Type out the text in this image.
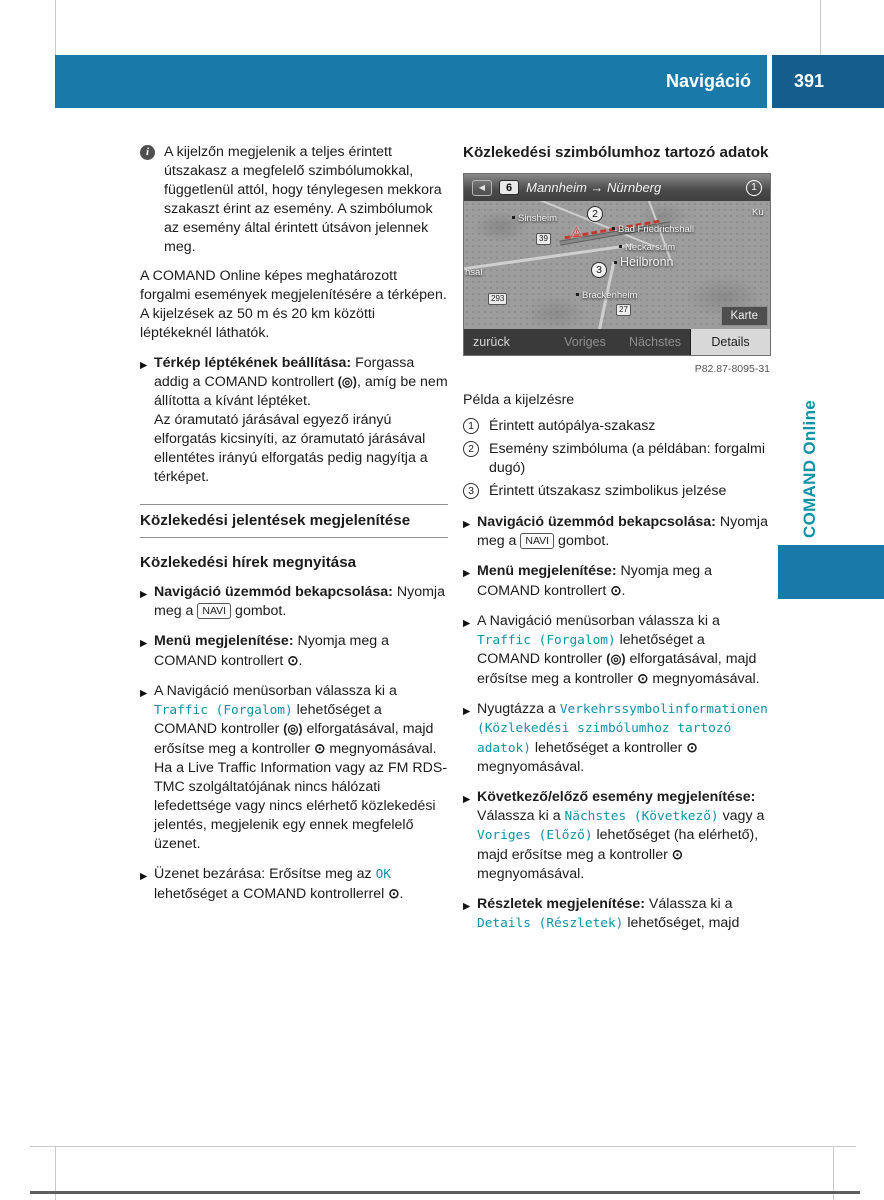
Navigáció 391
COMAND Online
i	A kijelzőn megjelenik a teljes érintett útszakasz a megfelelő szimbólumokkal, függetlenül attól, hogy ténylegesen mekkora szakaszt érint az esemény. A szimbólumok az esemény által érintett útsávon jelennek meg.

A COMAND Online képes meghatározott forgalmi események megjelenítésére a térképen. A kijelzések az 50 m és 20 km közötti léptékeknél láthatók.

▶ Térkép léptékének beállítása: Forgassa addig a COMAND kontrollert (◎), amíg be nem állította a kívánt léptéket.
Az óramutató járásával egyező irányú elforgatás kicsinyíti, az óramutató járásával ellentétes irányú elforgatás pedig nagyítja a térképet.
Közlekedési jelentések megjelenítése
Közlekedési hírek megnyitása
▶ Navigáció üzemmód bekapcsolása: Nyomja meg a NAVI gombot.
▶ Menü megjelenítése: Nyomja meg a COMAND kontrollert ⊙.
▶ A Navigáció menüsorban válassza ki a Traffic (Forgalom) lehetőséget a COMAND kontroller (◎) elforgatásával, majd erősítse meg a kontroller ⊙ megnyomásával.
Ha a Live Traffic Information vagy az FM RDS-TMC szolgáltatójának nincs hálózati lefedettsége vagy nincs elérhető közlekedési jelentés, megjelenik egy ennek megfelelő üzenet.
▶ Üzenet bezárása: Erősítse meg az OK lehetőséget a COMAND kontrollerrel ⊙.
Közlekedési szimbólumhoz tartozó adatok
◀	6	Mannheim → Nürnberg	1
Kü
Sinsheim	2
Bad Friedrichshall
⚠
Neckarsulm
Heilbronn
3
Brackenheim
hsal
39
293
27
Karte
zurück	Voriges	Nächstes	Details
P82.87-8095-31
Példa a kijelzésre
1	Érintett autópálya-szakasz
2	Esemény szimbóluma (a példában: forgalmi dugó)
3	Érintett útszakasz szimbolikus jelzése
▶ Navigáció üzemmód bekapcsolása: Nyomja meg a NAVI gombot.
▶ Menü megjelenítése: Nyomja meg a COMAND kontrollert ⊙.
▶ A Navigáció menüsorban válassza ki a Traffic (Forgalom) lehetőséget a COMAND kontroller (◎) elforgatásával, majd erősítse meg a kontroller ⊙ megnyomásával.
▶ Nyugtázza a Verkehrssymbolinformationen (Közlekedési szimbólumhoz tartozó adatok) lehetőséget a kontroller ⊙ megnyomásával.
▶ Következő/előző esemény megjelenítése: Válassza ki a Nächstes (Következő) vagy a Voriges (Előző) lehetőséget (ha elérhető), majd erősítse meg a kontroller ⊙ megnyomásával.
▶ Részletek megjelenítése: Válassza ki a Details (Részletek) lehetőséget, majd
